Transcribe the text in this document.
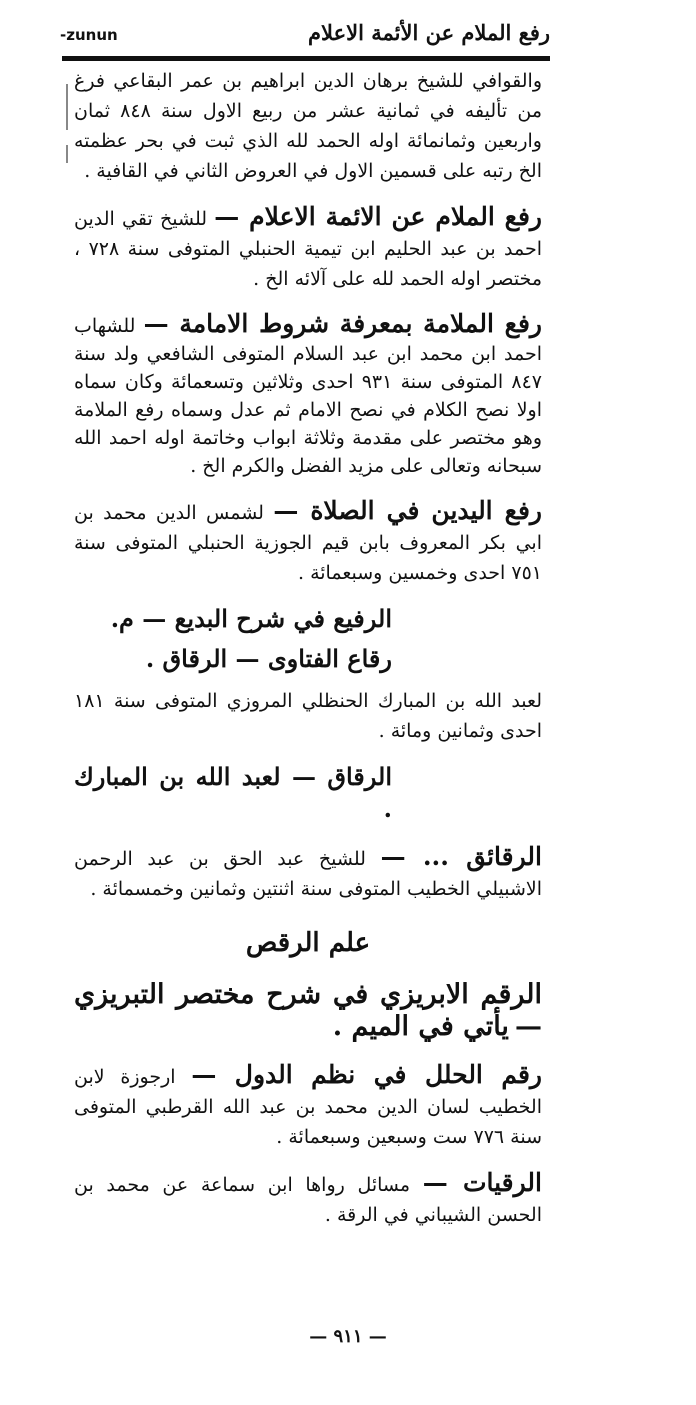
-zunun	رفع الملام عن الأئمة الاعلام

والقوافي للشيخ برهان الدين ابراهيم بن عمر البقاعي فرغ من تأليفه في ثمانية عشر من ربيع الاول سنة ٨٤٨ ثمان واربعين وثمانمائة اوله الحمد لله الذي ثبت في بحر عظمته الخ رتبه على قسمين الاول في العروض الثاني في القافية .

رفع الملام عن الائمة الاعلام — للشيخ تقي الدين احمد بن عبد الحليم ابن تيمية الحنبلي المتوفى سنة ٧٢٨ ، مختصر اوله الحمد لله على آلائه الخ .

رفع الملامة بمعرفة شروط الامامة — للشهاب احمد ابن محمد ابن عبد السلام المتوفى الشافعي ولد سنة ٨٤٧ المتوفى سنة ٩٣١ احدى وثلاثين وتسعمائة وكان سماه اولا نصح الكلام في نصح الامام ثم عدل وسماه رفع الملامة وهو مختصر على مقدمة وثلاثة ابواب وخاتمة اوله احمد الله سبحانه وتعالى على مزيد الفضل والكرم الخ .

رفع اليدين في الصلاة — لشمس الدين محمد بن ابي بكر المعروف بابن قيم الجوزية الحنبلي المتوفى سنة ٧٥١ احدى وخمسين وسبعمائة .

الرفيع في شرح البديع — م.

رقاع الفتاوى — الرقاق .

لعبد الله بن المبارك الحنظلي المروزي المتوفى سنة ١٨١ احدى وثمانين ومائة .

الرقاق — لعبد الله بن المبارك .

الرقائق ... — للشيخ عبد الحق بن عبد الرحمن الاشبيلي الخطيب المتوفى سنة اثنتين وثمانين وخمسمائة .

علم الرقص

الرقم الابريزي في شرح مختصر التبريزي — يأتي في الميم .

رقم الحلل في نظم الدول — ارجوزة لابن الخطيب لسان الدين محمد بن عبد الله القرطبي المتوفى سنة ٧٧٦ ست وسبعين وسبعمائة .

الرقيات — مسائل رواها ابن سماعة عن محمد بن الحسن الشيباني في الرقة .

— ٩١١ —
